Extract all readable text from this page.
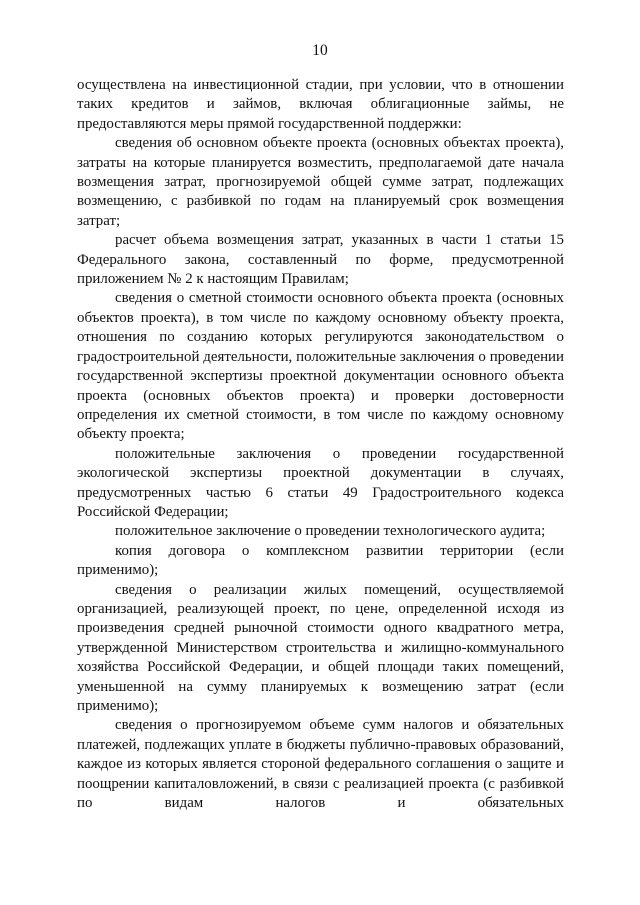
10

осуществлена на инвестиционной стадии, при условии, что в отношении таких кредитов и займов, включая облигационные займы, не предоставляются меры прямой государственной поддержки:

сведения об основном объекте проекта (основных объектах проекта), затраты на которые планируется возместить, предполагаемой дате начала возмещения затрат, прогнозируемой общей сумме затрат, подлежащих возмещению, с разбивкой по годам на планируемый срок возмещения затрат;

расчет объема возмещения затрат, указанных в части 1 статьи 15 Федерального закона, составленный по форме, предусмотренной приложением № 2 к настоящим Правилам;

сведения о сметной стоимости основного объекта проекта (основных объектов проекта), в том числе по каждому основному объекту проекта, отношения по созданию которых регулируются законодательством о градостроительной деятельности, положительные заключения о проведении государственной экспертизы проектной документации основного объекта проекта (основных объектов проекта) и проверки достоверности определения их сметной стоимости, в том числе по каждому основному объекту проекта;

положительные заключения о проведении государственной экологической экспертизы проектной документации в случаях, предусмотренных частью 6 статьи 49 Градостроительного кодекса Российской Федерации;

положительное заключение о проведении технологического аудита;

копия договора о комплексном развитии территории (если применимо);

сведения о реализации жилых помещений, осуществляемой организацией, реализующей проект, по цене, определенной исходя из произведения средней рыночной стоимости одного квадратного метра, утвержденной Министерством строительства и жилищно-коммунального хозяйства Российской Федерации, и общей площади таких помещений, уменьшенной на сумму планируемых к возмещению затрат (если применимо);

сведения о прогнозируемом объеме сумм налогов и обязательных платежей, подлежащих уплате в бюджеты публично-правовых образований, каждое из которых является стороной федерального соглашения о защите и поощрении капиталовложений, в связи с реализацией проекта (с разбивкой по видам налогов и обязательных
